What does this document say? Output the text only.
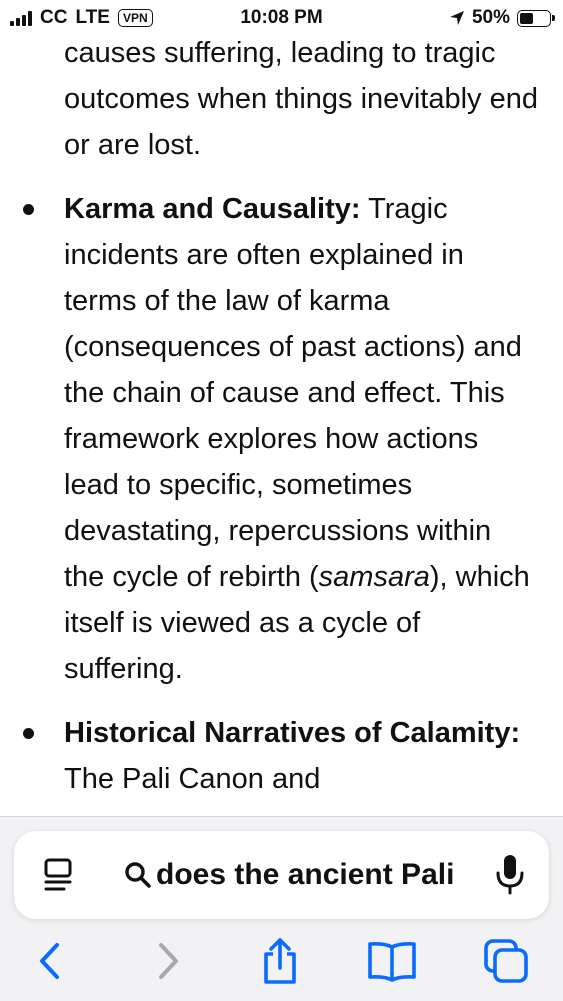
CC LTE	VPN	10:08 PM	50%

causes suffering, leading to tragic outcomes when things inevitably end or are lost.

Karma and Causality: Tragic incidents are often explained in terms of the law of karma (consequences of past actions) and the chain of cause and effect. This framework explores how actions lead to specific, sometimes devastating, repercussions within the cycle of rebirth (samsara), which itself is viewed as a cycle of suffering.

Historical Narratives of Calamity: The Pali Canon and

does the ancient Pali
